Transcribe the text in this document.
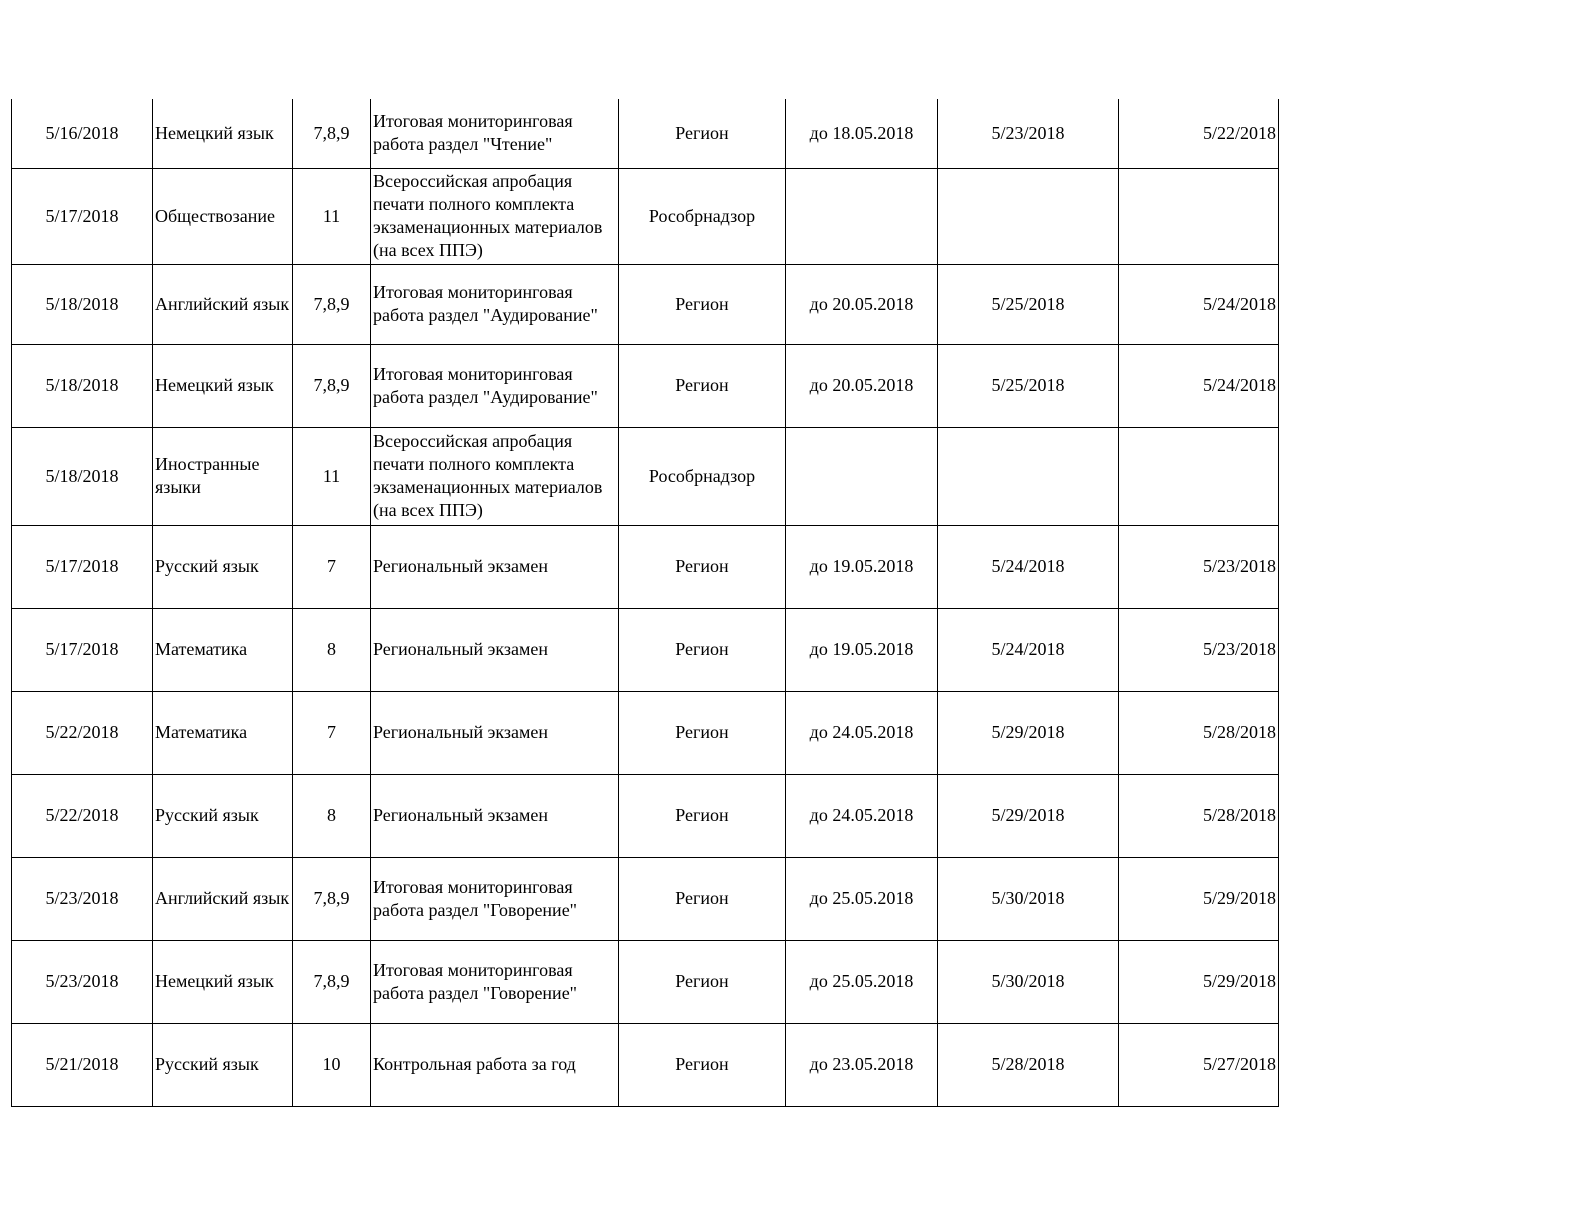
5/16/2018	Немецкий язык	7,8,9	Итоговая мониторинговая работа раздел "Чтение"	Регион	до 18.05.2018	5/23/2018	5/22/2018
5/17/2018	Обществозание	11	Всероссийская апробация печати полного комплекта экзаменационных материалов (на всех ППЭ)	Рособрнадзор			
5/18/2018	Английский язык	7,8,9	Итоговая мониторинговая работа раздел "Аудирование"	Регион	до 20.05.2018	5/25/2018	5/24/2018
5/18/2018	Немецкий язык	7,8,9	Итоговая мониторинговая работа раздел "Аудирование"	Регион	до 20.05.2018	5/25/2018	5/24/2018
5/18/2018	Иностранные языки	11	Всероссийская апробация печати полного комплекта экзаменационных материалов (на всех ППЭ)	Рособрнадзор			
5/17/2018	Русский язык	7	Региональный экзамен	Регион	до 19.05.2018	5/24/2018	5/23/2018
5/17/2018	Математика	8	Региональный экзамен	Регион	до 19.05.2018	5/24/2018	5/23/2018
5/22/2018	Математика	7	Региональный экзамен	Регион	до 24.05.2018	5/29/2018	5/28/2018
5/22/2018	Русский язык	8	Региональный экзамен	Регион	до 24.05.2018	5/29/2018	5/28/2018
5/23/2018	Английский язык	7,8,9	Итоговая мониторинговая работа раздел "Говорение"	Регион	до 25.05.2018	5/30/2018	5/29/2018
5/23/2018	Немецкий язык	7,8,9	Итоговая мониторинговая работа раздел "Говорение"	Регион	до 25.05.2018	5/30/2018	5/29/2018
5/21/2018	Русский язык	10	Контрольная работа за год	Регион	до 23.05.2018	5/28/2018	5/27/2018
